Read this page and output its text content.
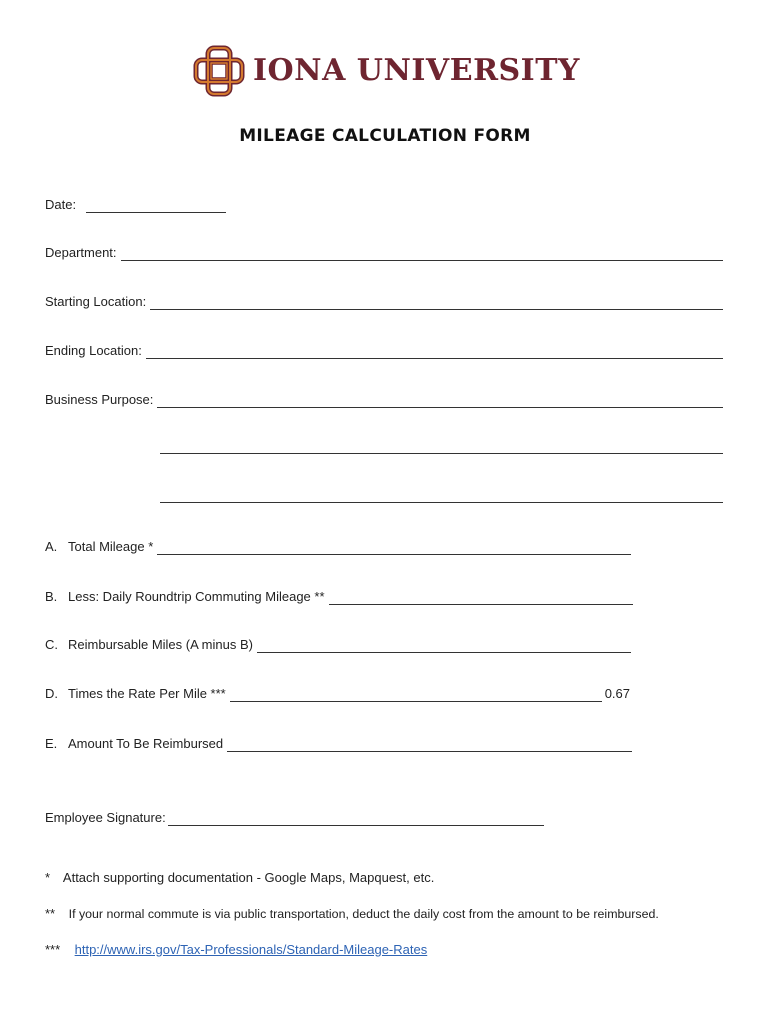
IONA UNIVERSITY
MILEAGE CALCULATION FORM
Date:
Department:
Starting Location:
Ending Location:
Business Purpose:
A. Total Mileage *
B. Less: Daily Roundtrip Commuting Mileage **
C. Reimbursable Miles (A minus B)
D. Times the Rate Per Mile ***	0.67
E. Amount To Be Reimbursed
Employee Signature:
* Attach supporting documentation - Google Maps, Mapquest, etc.
** If your normal commute is via public transportation, deduct the daily cost from the amount to be reimbursed.
*** http://www.irs.gov/Tax-Professionals/Standard-Mileage-Rates
